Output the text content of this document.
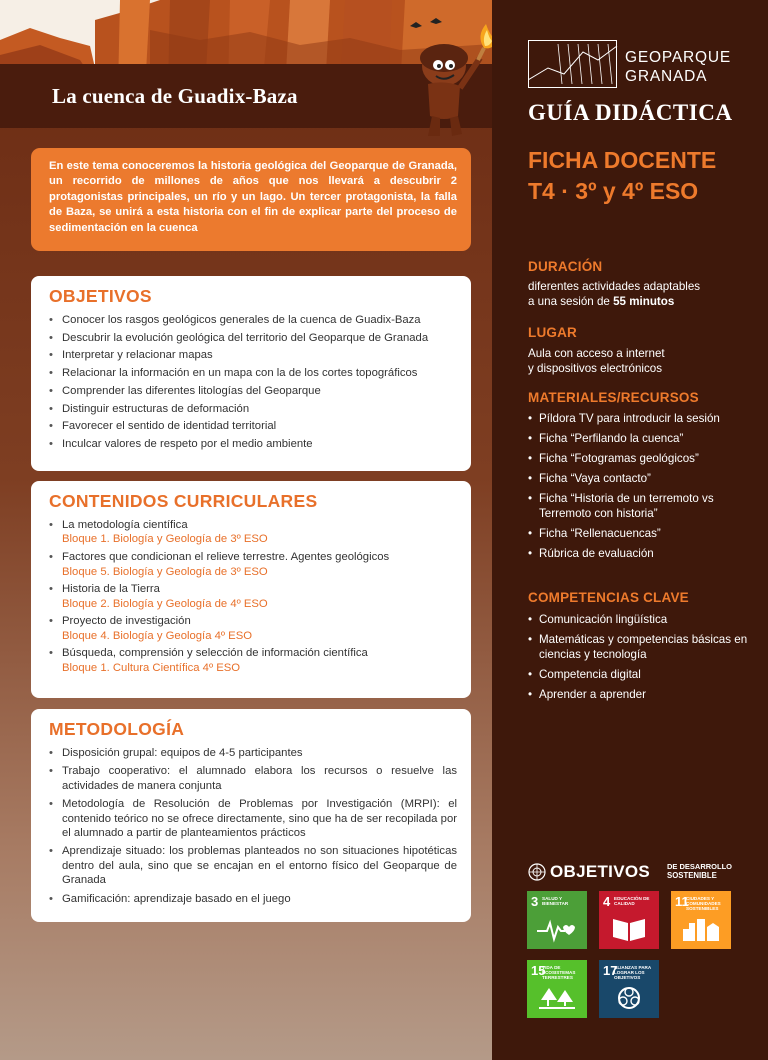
La cuenca de Guadix-Baza

En este tema conoceremos la historia geológica del Geoparque de Granada, un recorrido de millones de años que nos llevará a descubrir 2 protagonistas principales, un río y un lago. Un tercer protagonista, la falla de Baza, se unirá a esta historia con el fin de explicar parte del proceso de sedimentación en la cuenca

OBJETIVOS
• Conocer los rasgos geológicos generales de la cuenca de Guadix-Baza
• Descubrir la evolución geológica del territorio del Geoparque de Granada
• Interpretar y relacionar mapas
• Relacionar la información en un mapa con la de los cortes topográficos
• Comprender las diferentes litologías del Geoparque
• Distinguir estructuras de deformación
• Favorecer el sentido de identidad territorial
• Inculcar valores de respeto por el medio ambiente
CONTENIDOS CURRICULARES
• La metodología científica
Bloque 1. Biología y Geología de 3º ESO
• Factores que condicionan el relieve terrestre. Agentes geológicos
Bloque 5. Biología y Geología de 3º ESO
• Historia de la Tierra
Bloque 2. Biología y Geología de 4º ESO
• Proyecto de investigación
Bloque 4. Biología y Geología 4º ESO
• Búsqueda, comprensión y selección de información científica
Bloque 1. Cultura Científica 4º ESO
METODOLOGÍA
• Disposición grupal: equipos de 4-5 participantes
• Trabajo cooperativo: el alumnado elabora los recursos o resuelve las actividades de manera conjunta
• Metodología de Resolución de Problemas por Investigación (MRPI): el contenido teórico no se ofrece directamente, sino que ha de ser recopilada por el alumnado a partir de planteamientos prácticos
• Aprendizaje situado: los problemas planteados no son situaciones hipotéticas dentro del aula, sino que se encajan en el entorno físico del Geoparque de Granada
• Gamificación: aprendizaje basado en el juego
GEOPARQUE
GRANADA
GUÍA DIDÁCTICA
FICHA DOCENTE
T4 · 3º y 4º ESO
DURACIÓN
diferentes actividades adaptables
a una sesión de 55 minutos
LUGAR
Aula con acceso a internet
y dispositivos electrónicos
MATERIALES/RECURSOS
• Píldora TV para introducir la sesión
• Ficha “Perfilando la cuenca”
• Ficha “Fotogramas geológicos”
• Ficha “Vaya contacto”
• Ficha “Historia de un terremoto vs Terremoto con historia”
• Ficha “Rellenacuencas”
• Rúbrica de evaluación
COMPETENCIAS CLAVE
• Comunicación lingüística
• Matemáticas y competencias básicas en ciencias y tecnología
• Competencia digital
• Aprender a aprender
OBJETIVOS DE DESARROLLO
SOSTENIBLE
3 SALUD Y BIENESTAR	4 EDUCACIÓN DE CALIDAD	11
CIUDADES Y COMUNIDADES SOSTENIBLES
15
VIDA DE ECOSISTEMAS TERRESTRES	17
ALIANZAS PARA LOGRAR LOS OBJETIVOS
